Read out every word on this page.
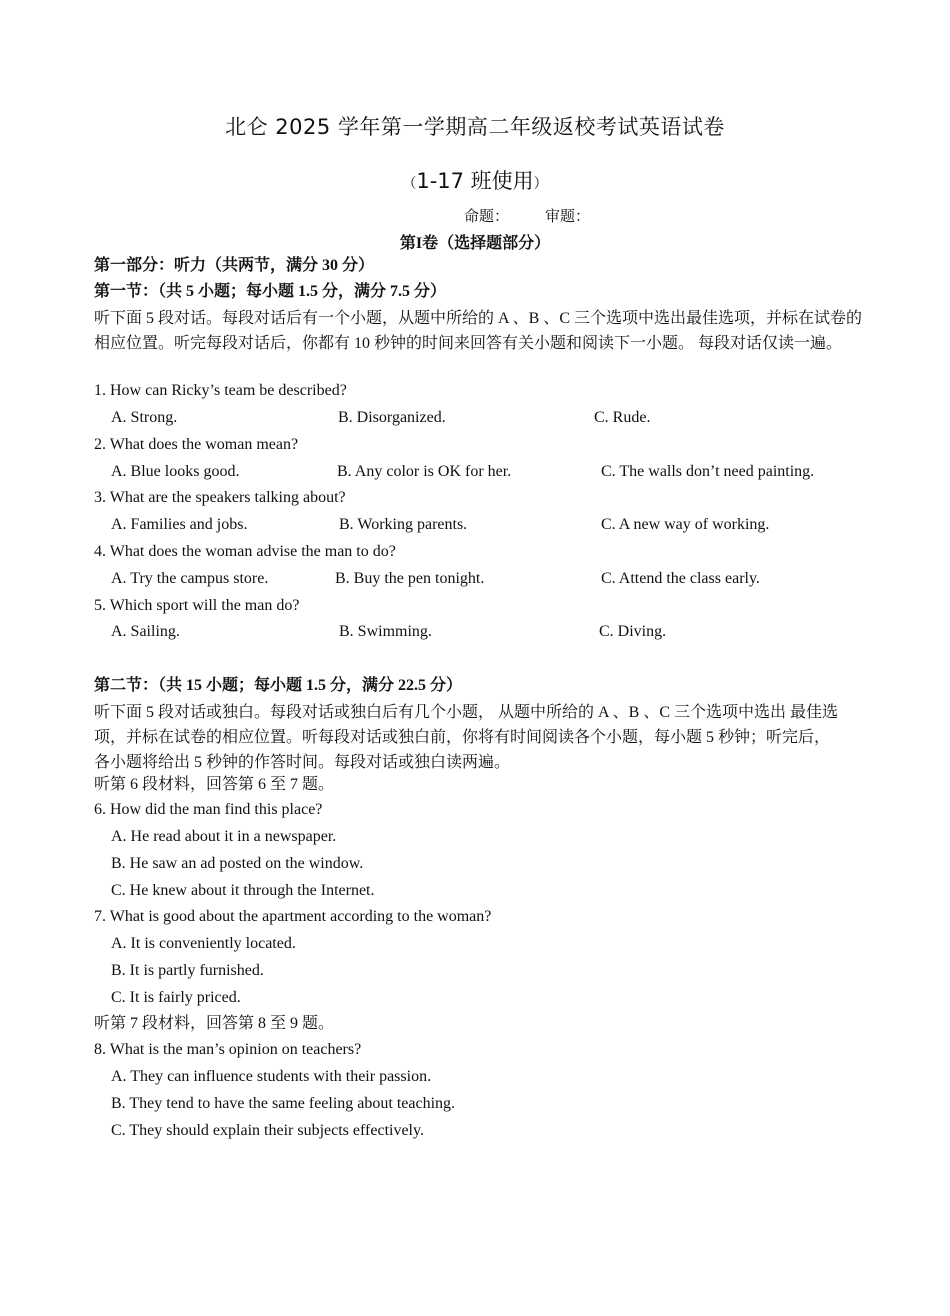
北仑 2025 学年第一学期高二年级返校考试英语试卷
（1-17 班使用）
命题： 审题：
第I卷（选择题部分）
第一部分：听力（共两节，满分 30 分）
第一节：（共 5 小题；每小题 1.5 分，满分 7.5 分）
听下面 5 段对话。每段对话后有一个小题，从题中所给的 A 、B 、C 三个选项中选出最佳选项，并标在试卷的相应位置。听完每段对话后，你都有 10 秒钟的时间来回答有关小题和阅读下一小题。 每段对话仅读一遍。
1. How can Ricky’s team be described?
A. Strong.	B. Disorganized.	C. Rude.
2. What does the woman mean?
A. Blue looks good.	B. Any color is OK for her.	C. The walls don’t need painting.
3. What are the speakers talking about?
A. Families and jobs.	B. Working parents.	C. A new way of working.
4. What does the woman advise the man to do?
A. Try the campus store.	B. Buy the pen tonight.	C. Attend the class early.
5. Which sport will the man do?
A. Sailing.	B. Swimming.	C. Diving.
第二节：（共 15 小题；每小题 1.5 分，满分 22.5 分）
听下面 5 段对话或独白。每段对话或独白后有几个小题， 从题中所给的 A 、B 、C 三个选项中选出 最佳选项，并标在试卷的相应位置。听每段对话或独白前，你将有时间阅读各个小题，每小题 5 秒钟；听完后，各小题将给出 5 秒钟的作答时间。每段对话或独白读两遍。
听第 6 段材料，回答第 6 至 7 题。
6. How did the man find this place?
A. He read about it in a newspaper.
B. He saw an ad posted on the window.
C. He knew about it through the Internet.
7. What is good about the apartment according to the woman?
A. It is conveniently located.
B. It is partly furnished.
C. It is fairly priced.
听第 7 段材料，回答第 8 至 9 题。
8. What is the man’s opinion on teachers?
A. They can influence students with their passion.
B. They tend to have the same feeling about teaching.
C. They should explain their subjects effectively.
